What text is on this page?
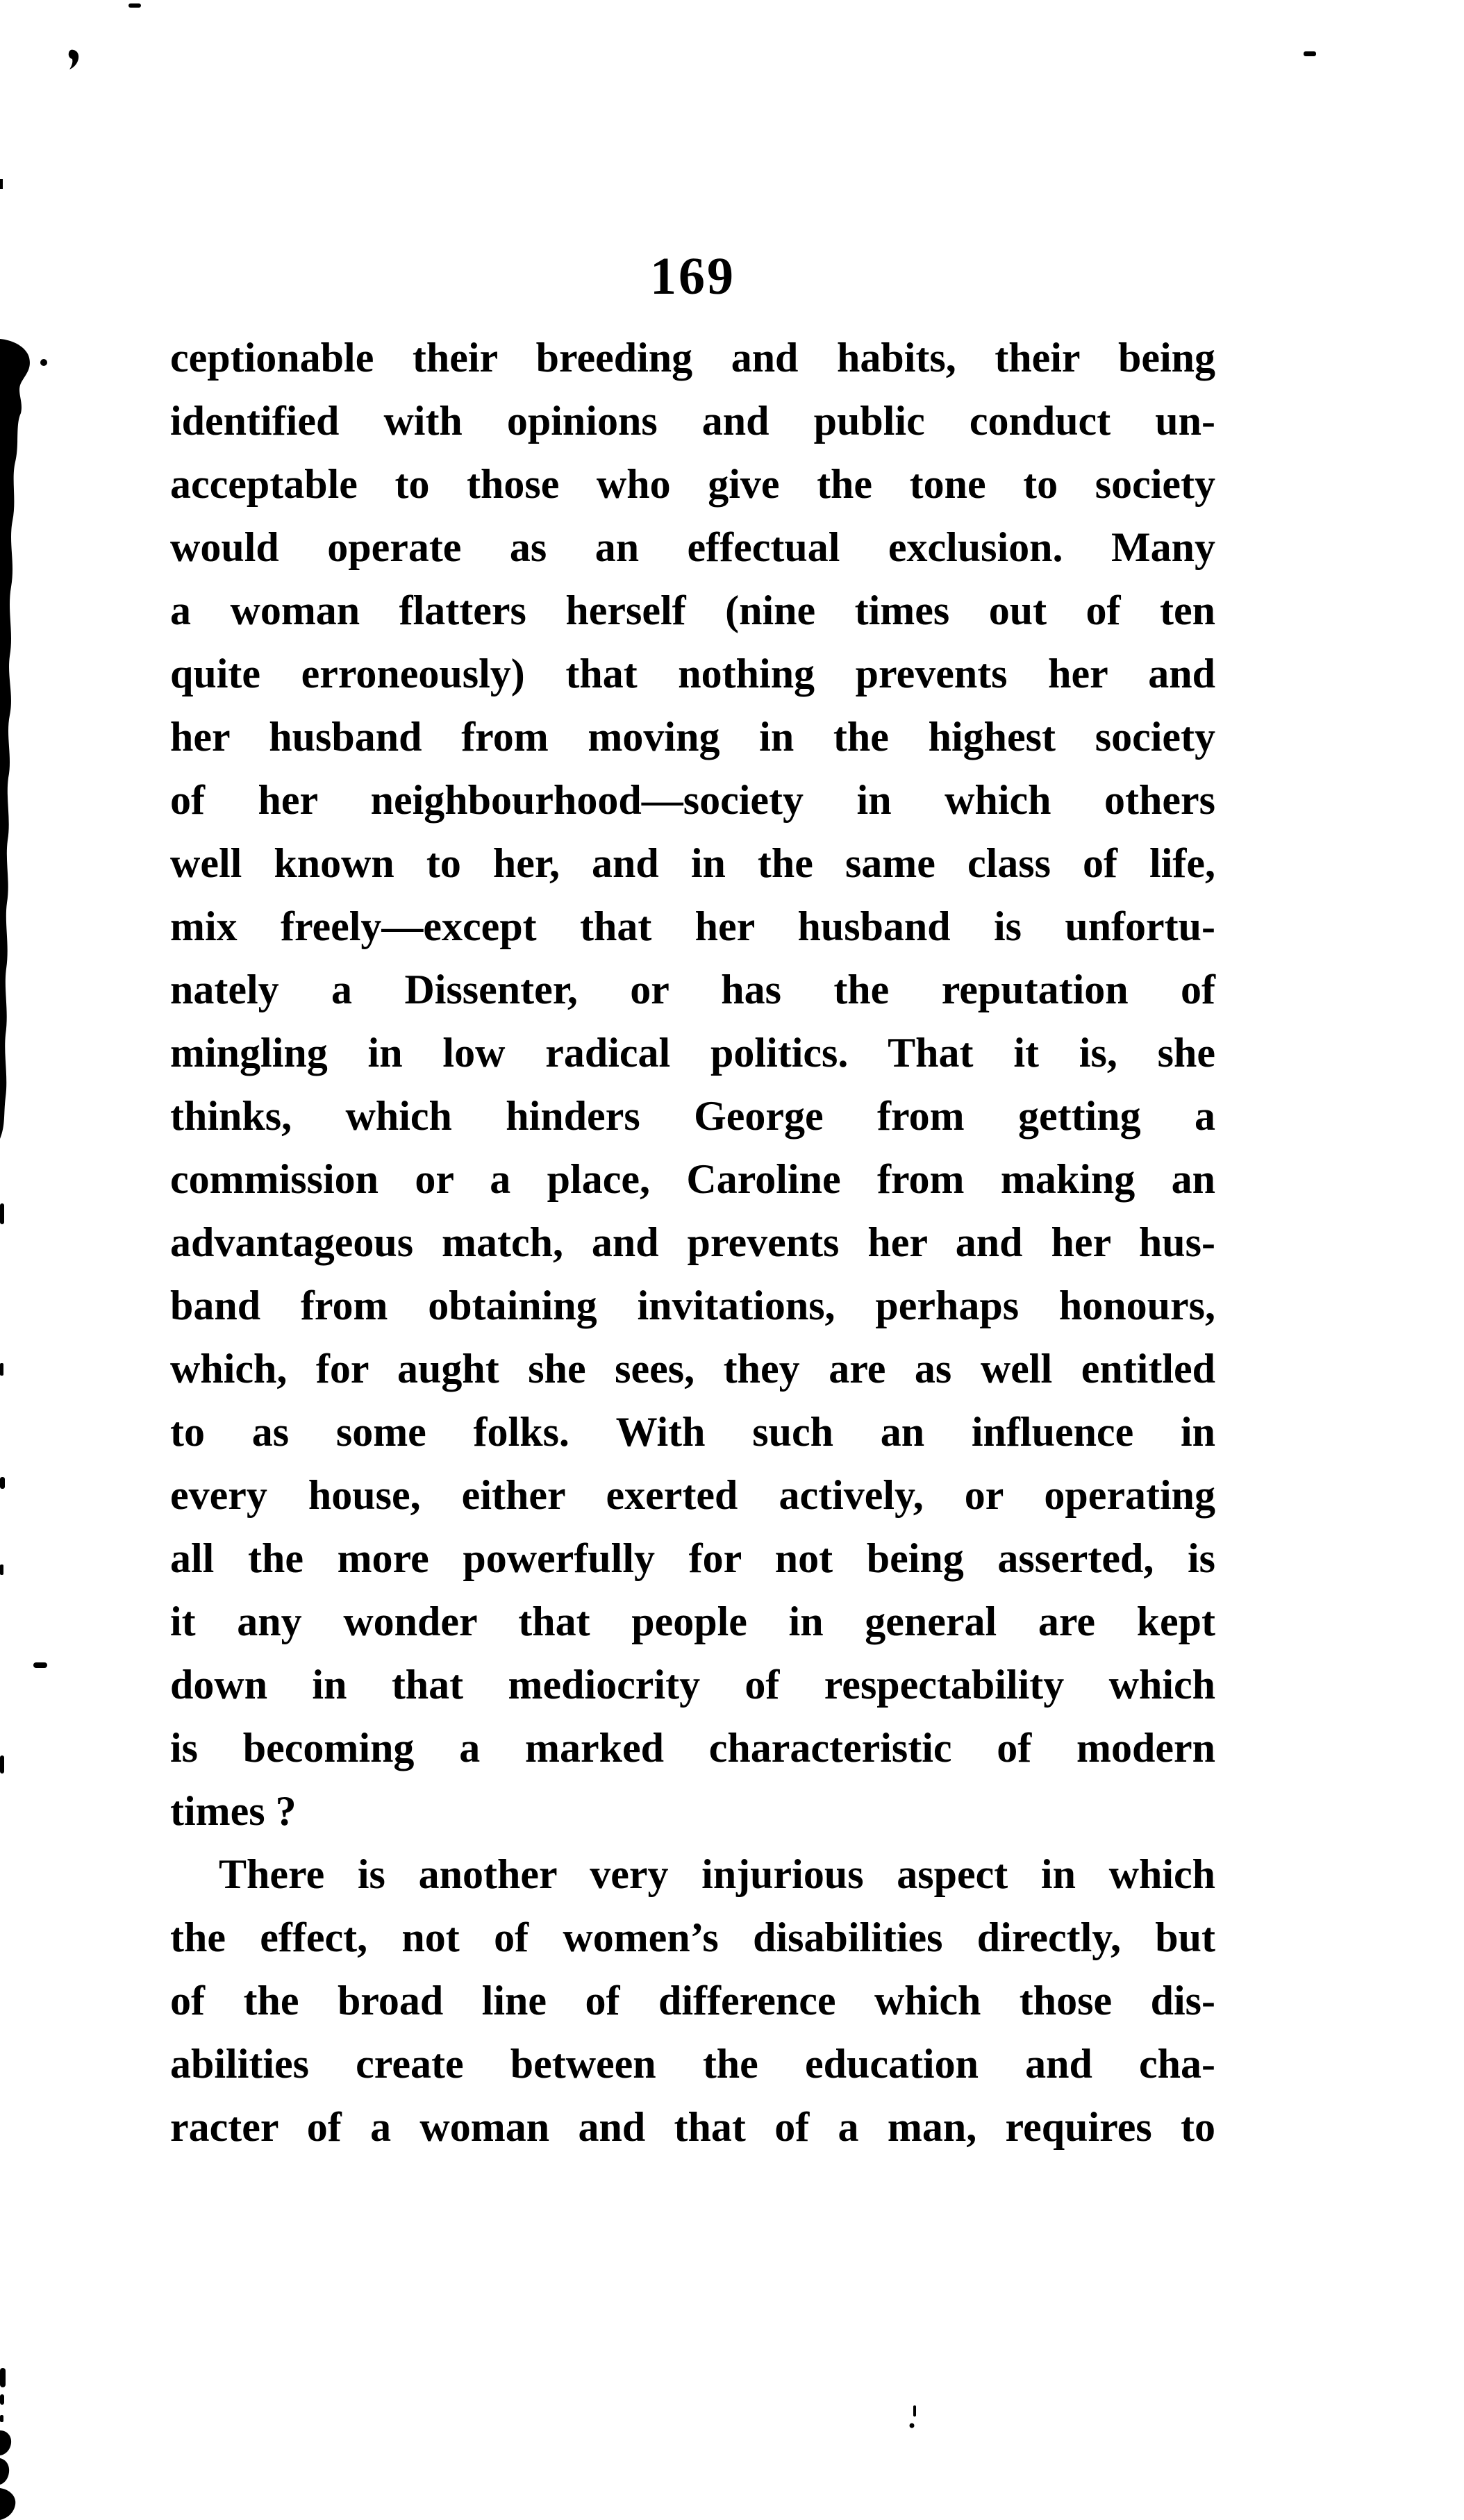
169
ceptionable their breeding and habits, their being
identified with opinions and public conduct un-
acceptable to those who give the tone to society
would operate as an effectual exclusion. Many
a woman flatters herself (nine times out of ten
quite erroneously) that nothing prevents her and
her husband from moving in the highest society
of her neighbourhood—society in which others
well known to her, and in the same class of life,
mix freely—except that her husband is unfortu-
nately a Dissenter, or has the reputation of
mingling in low radical politics. That it is, she
thinks, which hinders George from getting a
commission or a place, Caroline from making an
advantageous match, and prevents her and her hus-
band from obtaining invitations, perhaps honours,
which, for aught she sees, they are as well entitled
to as some folks. With such an influence in
every house, either exerted actively, or operating
all the more powerfully for not being asserted, is
it any wonder that people in general are kept
down in that mediocrity of respectability which
is becoming a marked characteristic of modern
times ?
There is another very injurious aspect in which
the effect, not of women’s disabilities directly, but
of the broad line of difference which those dis-
abilities create between the education and cha-
racter of a woman and that of a man, requires to
